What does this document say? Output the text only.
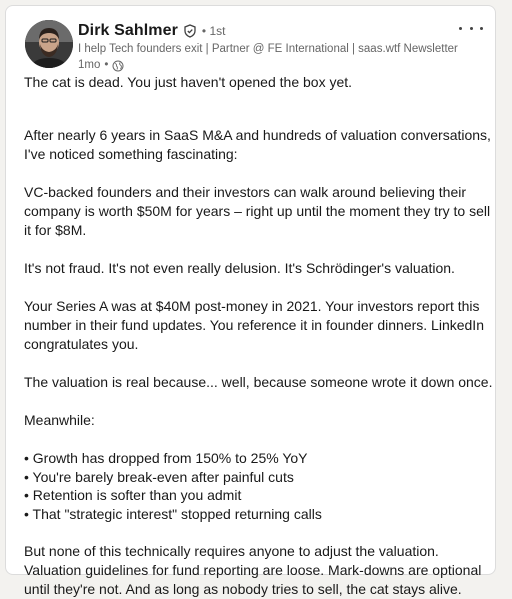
Dirk Sahlmer • 1st
I help Tech founders exit | Partner @ FE International | saas.wtf Newsletter
1mo •

The cat is dead. You just haven't opened the box yet.

After nearly 6 years in SaaS M&A and hundreds of valuation conversations, I've noticed something fascinating:

VC-backed founders and their investors can walk around believing their company is worth $50M for years – right up until the moment they try to sell it for $8M.

It's not fraud. It's not even really delusion. It's Schrödinger's valuation.

Your Series A was at $40M post-money in 2021. Your investors report this number in their fund updates. You reference it in founder dinners. LinkedIn congratulates you.

The valuation is real because... well, because someone wrote it down once.

Meanwhile:

• Growth has dropped from 150% to 25% YoY
• You're barely break-even after painful cuts
• Retention is softer than you admit
• That "strategic interest" stopped returning calls

But none of this technically requires anyone to adjust the valuation. Valuation guidelines for fund reporting are loose. Mark-downs are optional until they're not. And as long as nobody tries to sell, the cat stays alive.
